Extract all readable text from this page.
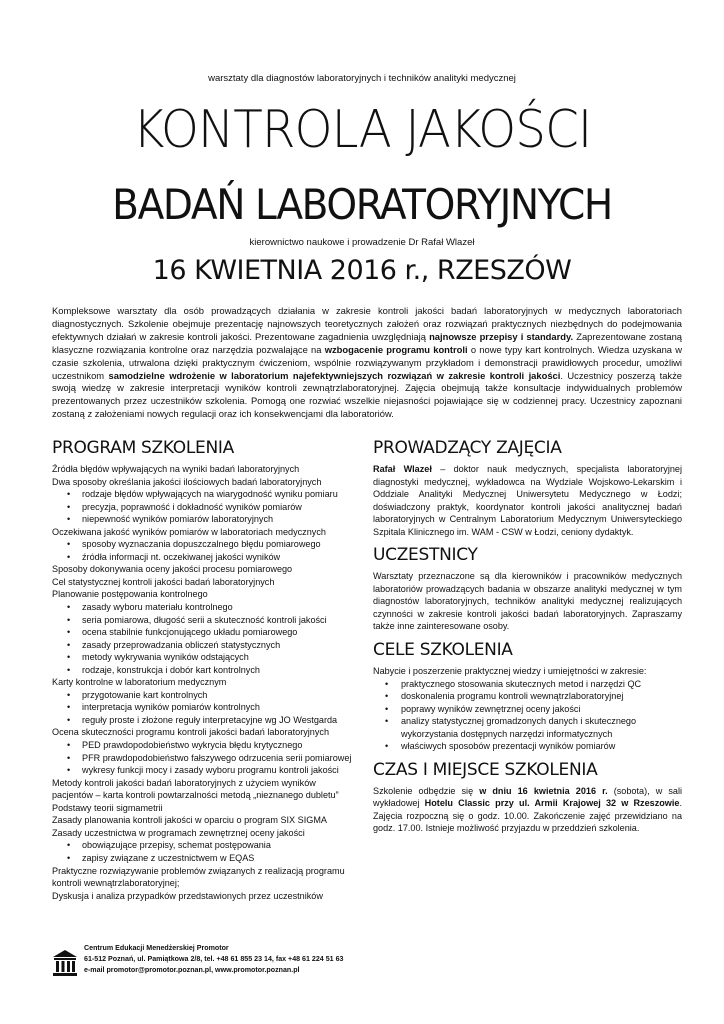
warsztaty dla diagnostów laboratoryjnych i techników analityki medycznej
KONTROLA JAKOŚCI
BADAŃ LABORATORYJNYCH
kierownictwo naukowe i prowadzenie Dr Rafał Wlazeł
16 KWIETNIA 2016 r., RZESZÓW
Kompleksowe warsztaty dla osób prowadzących działania w zakresie kontroli jakości badań laboratoryjnych w medycznych laboratoriach diagnostycznych. Szkolenie obejmuje prezentację najnowszych teoretycznych założeń oraz rozwiązań praktycznych niezbędnych do podejmowania efektywnych działań w zakresie kontroli jakości. Prezentowane zagadnienia uwzględniają najnowsze przepisy i standardy. Zaprezentowane zostaną klasyczne rozwiązania kontrolne oraz narzędzia pozwalające na wzbogacenie programu kontroli o nowe typy kart kontrolnych. Wiedza uzyskana w czasie szkolenia, utrwalona dzięki praktycznym ćwiczeniom, wspólnie rozwiązywanym przykładom i demonstracji prawidłowych procedur, umożliwi uczestnikom samodzielne wdrożenie w laboratorium najefektywniejszych rozwiązań w zakresie kontroli jakości. Uczestnicy poszerzą także swoją wiedzę w zakresie interpretacji wyników kontroli zewnątrzlaboratoryjnej. Zajęcia obejmują także konsultacje indywidualnych problemów prezentowanych przez uczestników szkolenia. Pomogą one rozwiać wszelkie niejasności pojawiające się w codziennej pracy. Uczestnicy zapoznani zostaną z założeniami nowych regulacji oraz ich konsekwencjami dla laboratoriów.
PROGRAM SZKOLENIA

Źródła błędów wpływających na wyniki badań laboratoryjnych

Dwa sposoby określania jakości ilościowych badań laboratoryjnych

• rodzaje błędów wpływających na wiarygodność wyniku pomiaru
• precyzja, poprawność i dokładność wyników pomiarów
• niepewność wyników pomiarów laboratoryjnych

Oczekiwana jakość wyników pomiarów w laboratoriach medycznych

• sposoby wyznaczania dopuszczalnego błędu pomiarowego
• źródła informacji nt. oczekiwanej jakości wyników

Sposoby dokonywania oceny jakości procesu pomiarowego

Cel statystycznej kontroli jakości badań laboratoryjnych

Planowanie postępowania kontrolnego

• zasady wyboru materiału kontrolnego
• seria pomiarowa, długość serii a skuteczność kontroli jakości
• ocena stabilnie funkcjonującego układu pomiarowego
• zasady przeprowadzania obliczeń statystycznych
• metody wykrywania wyników odstających
• rodzaje, konstrukcja i dobór kart kontrolnych

Karty kontrolne w laboratorium medycznym

• przygotowanie kart kontrolnych
• interpretacja wyników pomiarów kontrolnych
• reguły proste i złożone reguły interpretacyjne wg JO Westgarda

Ocena skuteczności programu kontroli jakości badań laboratoryjnych

• PED prawdopodobieństwo wykrycia błędu krytycznego
• PFR prawdopodobieństwo fałszywego odrzucenia serii pomiarowej
• wykresy funkcji mocy i zasady wyboru programu kontroli jakości

Metody kontroli jakości badań laboratoryjnych z użyciem wyników pacjentów – karta kontroli powtarzalności metodą „nieznanego dubletu”

Podstawy teorii sigmametrii

Zasady planowania kontroli jakości w oparciu o program SIX SIGMA

Zasady uczestnictwa w programach zewnętrznej oceny jakości

• obowiązujące przepisy, schemat postępowania
• zapisy związane z uczestnictwem w EQAS

Praktyczne rozwiązywanie problemów związanych z realizacją programu kontroli wewnątrzlaboratoryjnej;

Dyskusja i analiza przypadków przedstawionych przez uczestników

PROWADZĄCY ZAJĘCIA

Rafał Wlazeł – doktor nauk medycznych, specjalista laboratoryjnej diagnostyki medycznej, wykładowca na Wydziale Wojskowo-Lekarskim i Oddziale Analityki Medycznej Uniwersytetu Medycznego w Łodzi; doświadczony praktyk, koordynator kontroli jakości analitycznej badań laboratoryjnych w Centralnym Laboratorium Medycznym Uniwersyteckiego Szpitala Klinicznego im. WAM - CSW w Łodzi, ceniony dydaktyk.

UCZESTNICY

Warsztaty przeznaczone są dla kierowników i pracowników medycznych laboratoriów prowadzących badania w obszarze analityki medycznej w tym diagnostów laboratoryjnych, techników analityki medycznej realizujących czynności w zakresie kontroli jakości badań laboratoryjnych. Zapraszamy także inne zainteresowane osoby.

CELE SZKOLENIA

Nabycie i poszerzenie praktycznej wiedzy i umiejętności w zakresie:

• praktycznego stosowania skutecznych metod i narzędzi QC
• doskonalenia programu kontroli wewnątrzlaboratoryjnej
• poprawy wyników zewnętrznej oceny jakości
• analizy statystycznej gromadzonych danych i skutecznego wykorzystania dostępnych narzędzi informatycznych
• właściwych sposobów prezentacji wyników pomiarów
CZAS I MIEJSCE SZKOLENIA

Szkolenie odbędzie się w dniu 16 kwietnia 2016 r. (sobota), w sali wykładowej Hotelu Classic przy ul. Armii Krajowej 32 w Rzeszowie. Zajęcia rozpoczną się o godz. 10.00. Zakończenie zajęć przewidziano na godz. 17.00. Istnieje możliwość przyjazdu w przeddzień szkolenia.

Centrum Edukacji Menedżerskiej Promotor
61-512 Poznań, ul. Pamiątkowa 2/8, tel. +48 61 855 23 14, fax +48 61 224 51 63
e-mail promotor@promotor.poznan.pl, www.promotor.poznan.pl
